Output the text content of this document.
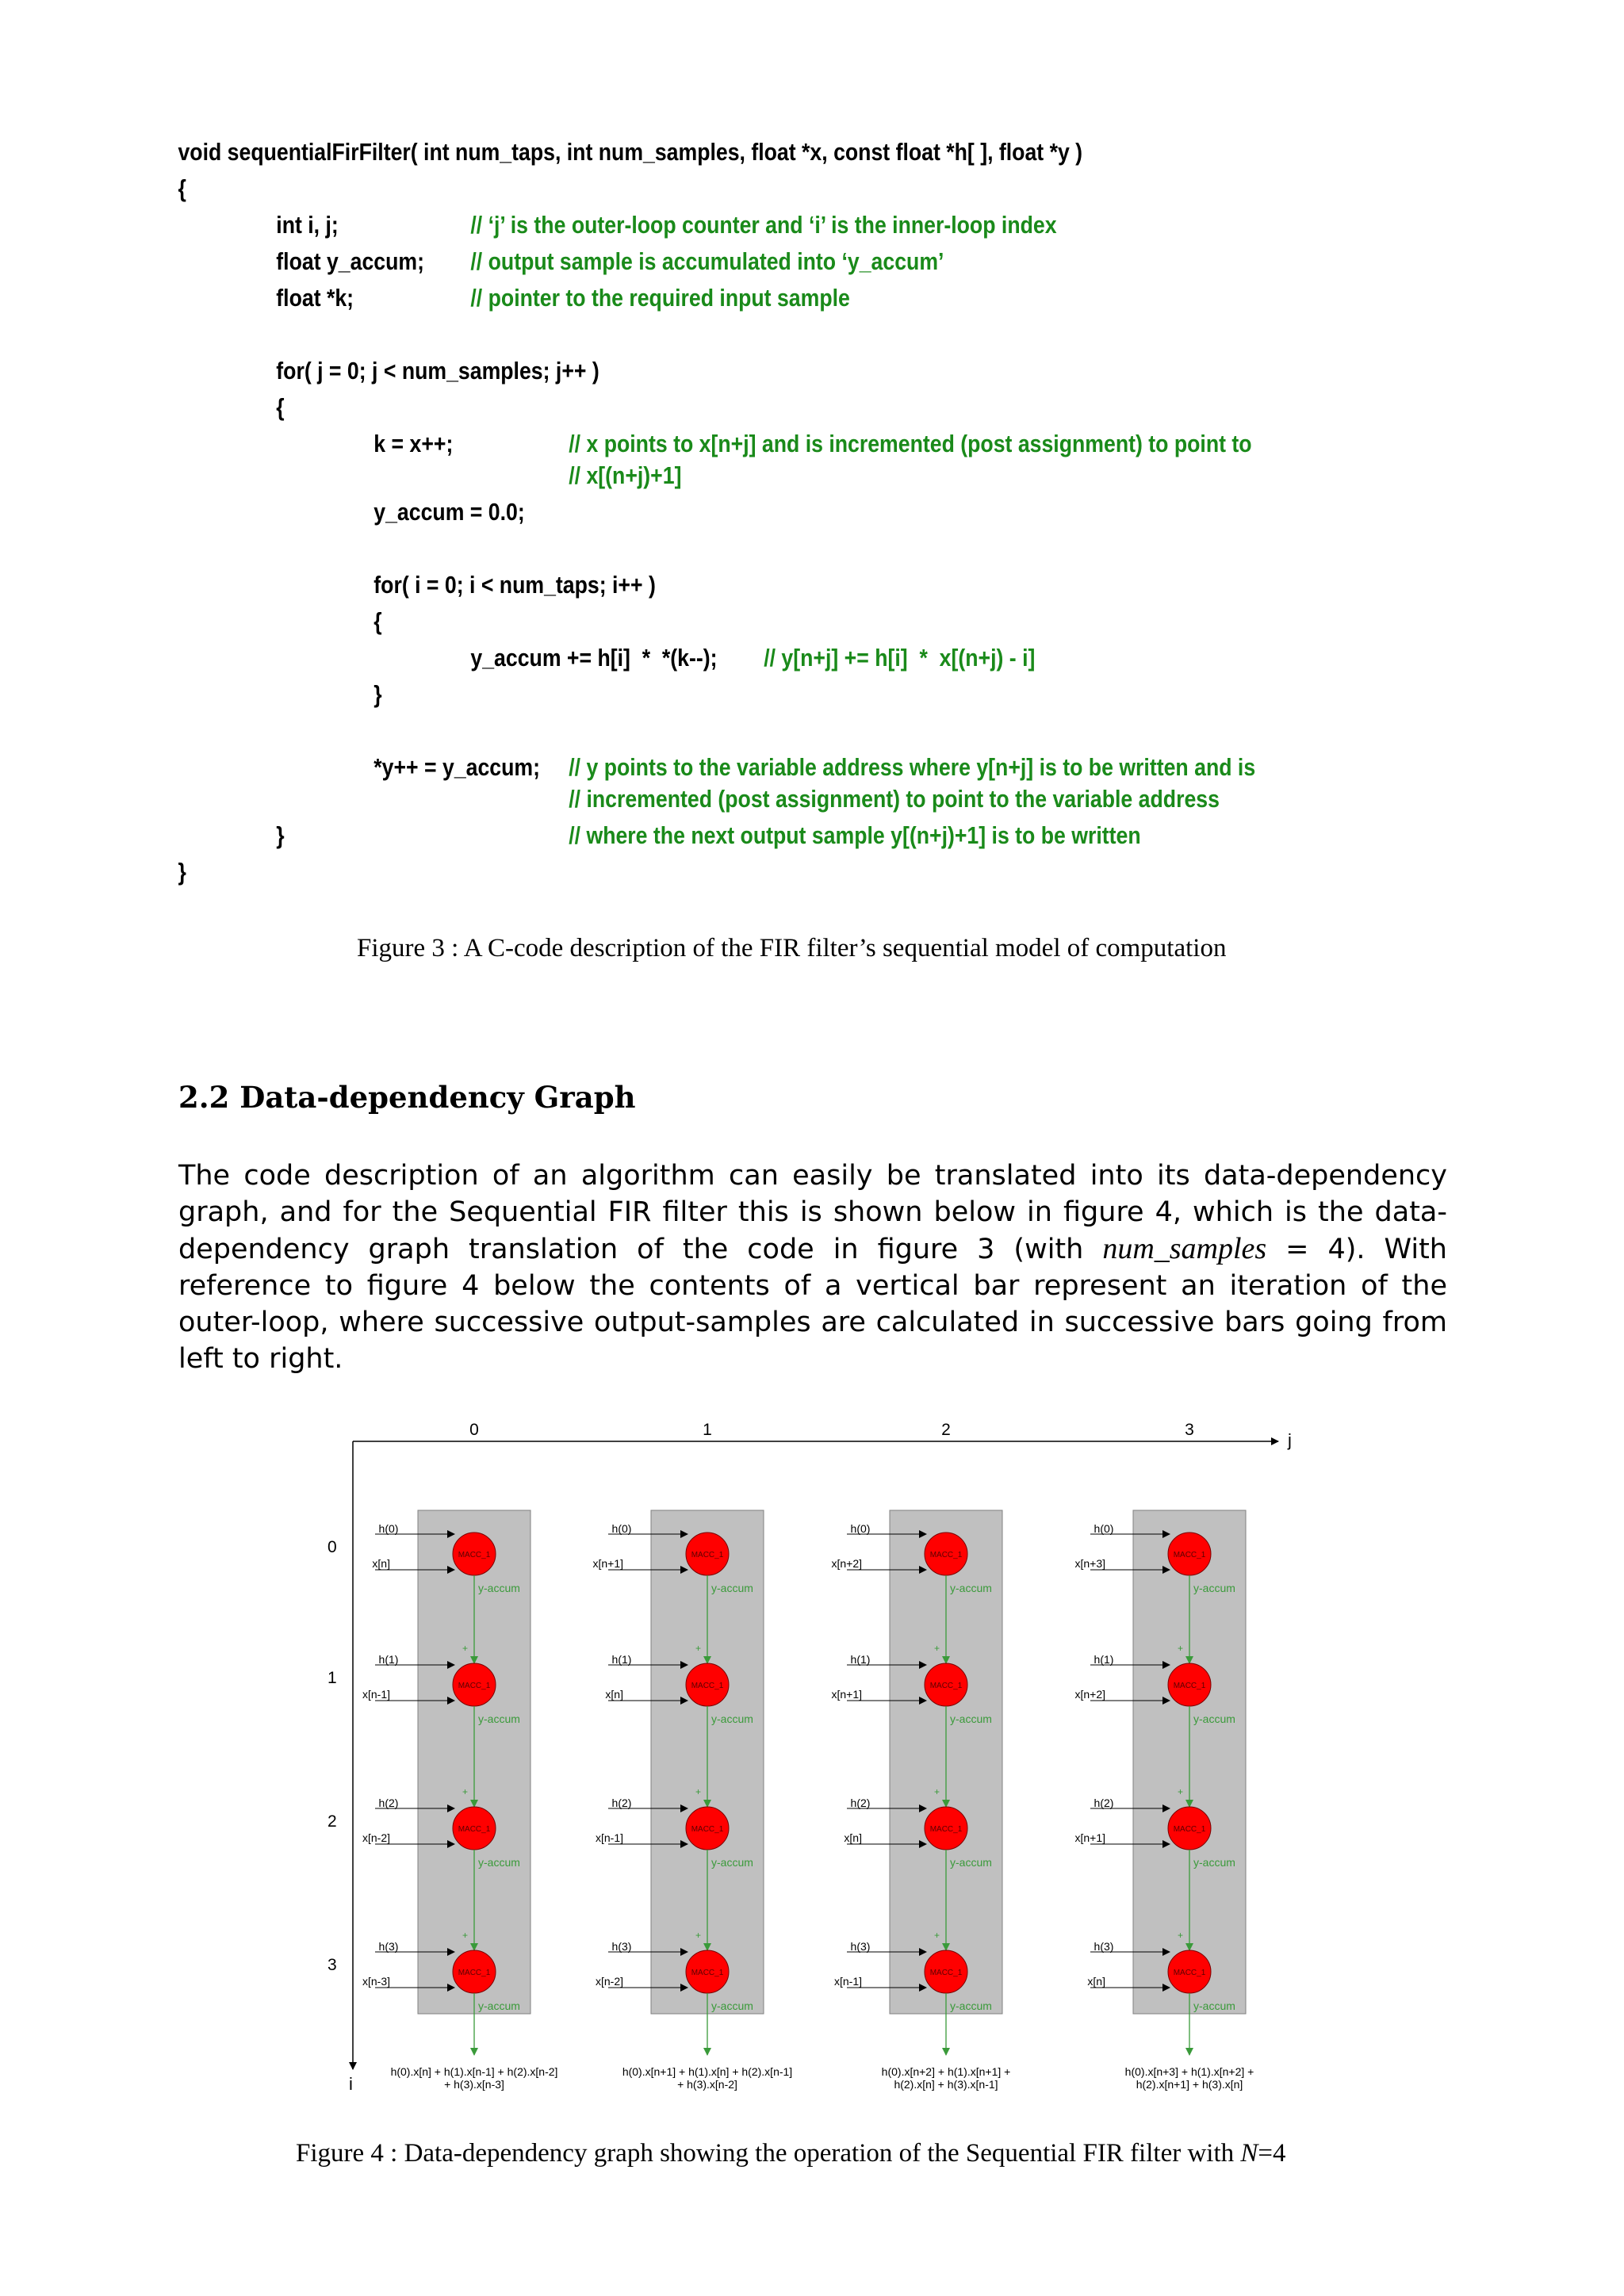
void sequentialFirFilter( int num_taps, int num_samples, float *x, const float *h[ ], float *y )
{
int i, j;	// ‘j’ is the outer-loop counter and ‘i’ is the inner-loop index
float y_accum; // output sample is accumulated into ‘y_accum’
float *k;	// pointer to the required input sample
for( j = 0; j < num_samples; j++ )
{
k = x++;	// x points to x[n+j] and is incremented (post assignment) to point to
// x[(n+j)+1]
y_accum = 0.0;
for( i = 0; i < num_taps; i++ )
{
y_accum += h[i]  *  *(k--); // y[n+j] += h[i]  *  x[(n+j) - i]
}
*y++ = y_accum; // y points to the variable address where y[n+j] is to be written and is
// incremented (post assignment) to point to the variable address
}	// where the next output sample y[(n+j)+1] is to be written
}
Figure 3 : A C-code description of the FIR filter’s sequential model of computation
2.2 Data-dependency Graph
The code description of an algorithm can easily be translated into its data-dependency graph, and for the Sequential FIR filter this is shown below in figure 4, which is the data-dependency graph translation of the code in figure 3 (with num_samples = 4). With reference to figure 4 below the contents of a vertical bar represent an iteration of the outer-loop, where successive output-samples are calculated in successive bars going from left to right.
j
i
0
1
2
3
0
h(0)
x[n]
MACC_1
y-accum
h(1)
x[n-1]
MACC_1
y-accum
+
h(2)
x[n-2]
MACC_1
y-accum
+
h(3)
x[n-3]
MACC_1
y-accum
+
h(0).x[n] + h(1).x[n-1] + h(2).x[n-2]
+ h(3).x[n-3]
1
h(0)
x[n+1]
MACC_1
y-accum
h(1)
x[n]
MACC_1
y-accum
+
h(2)
x[n-1]
MACC_1
y-accum
+
h(3)
x[n-2]
MACC_1
y-accum
+
h(0).x[n+1] + h(1).x[n] + h(2).x[n-1]
+ h(3).x[n-2]
2
h(0)
x[n+2]
MACC_1
y-accum
h(1)
x[n+1]
MACC_1
y-accum
+
h(2)
x[n]
MACC_1
y-accum
+
h(3)
x[n-1]
MACC_1
y-accum
+
h(0).x[n+2] + h(1).x[n+1] +
h(2).x[n] + h(3).x[n-1]
3
h(0)
x[n+3]
MACC_1
y-accum
h(1)
x[n+2]
MACC_1
y-accum
+
h(2)
x[n+1]
MACC_1
y-accum
+
h(3)
x[n]
MACC_1
y-accum
+
h(0).x[n+3] + h(1).x[n+2] +
h(2).x[n+1] + h(3).x[n]
Figure 4 : Data-dependency graph showing the operation of the Sequential FIR filter with N=4
